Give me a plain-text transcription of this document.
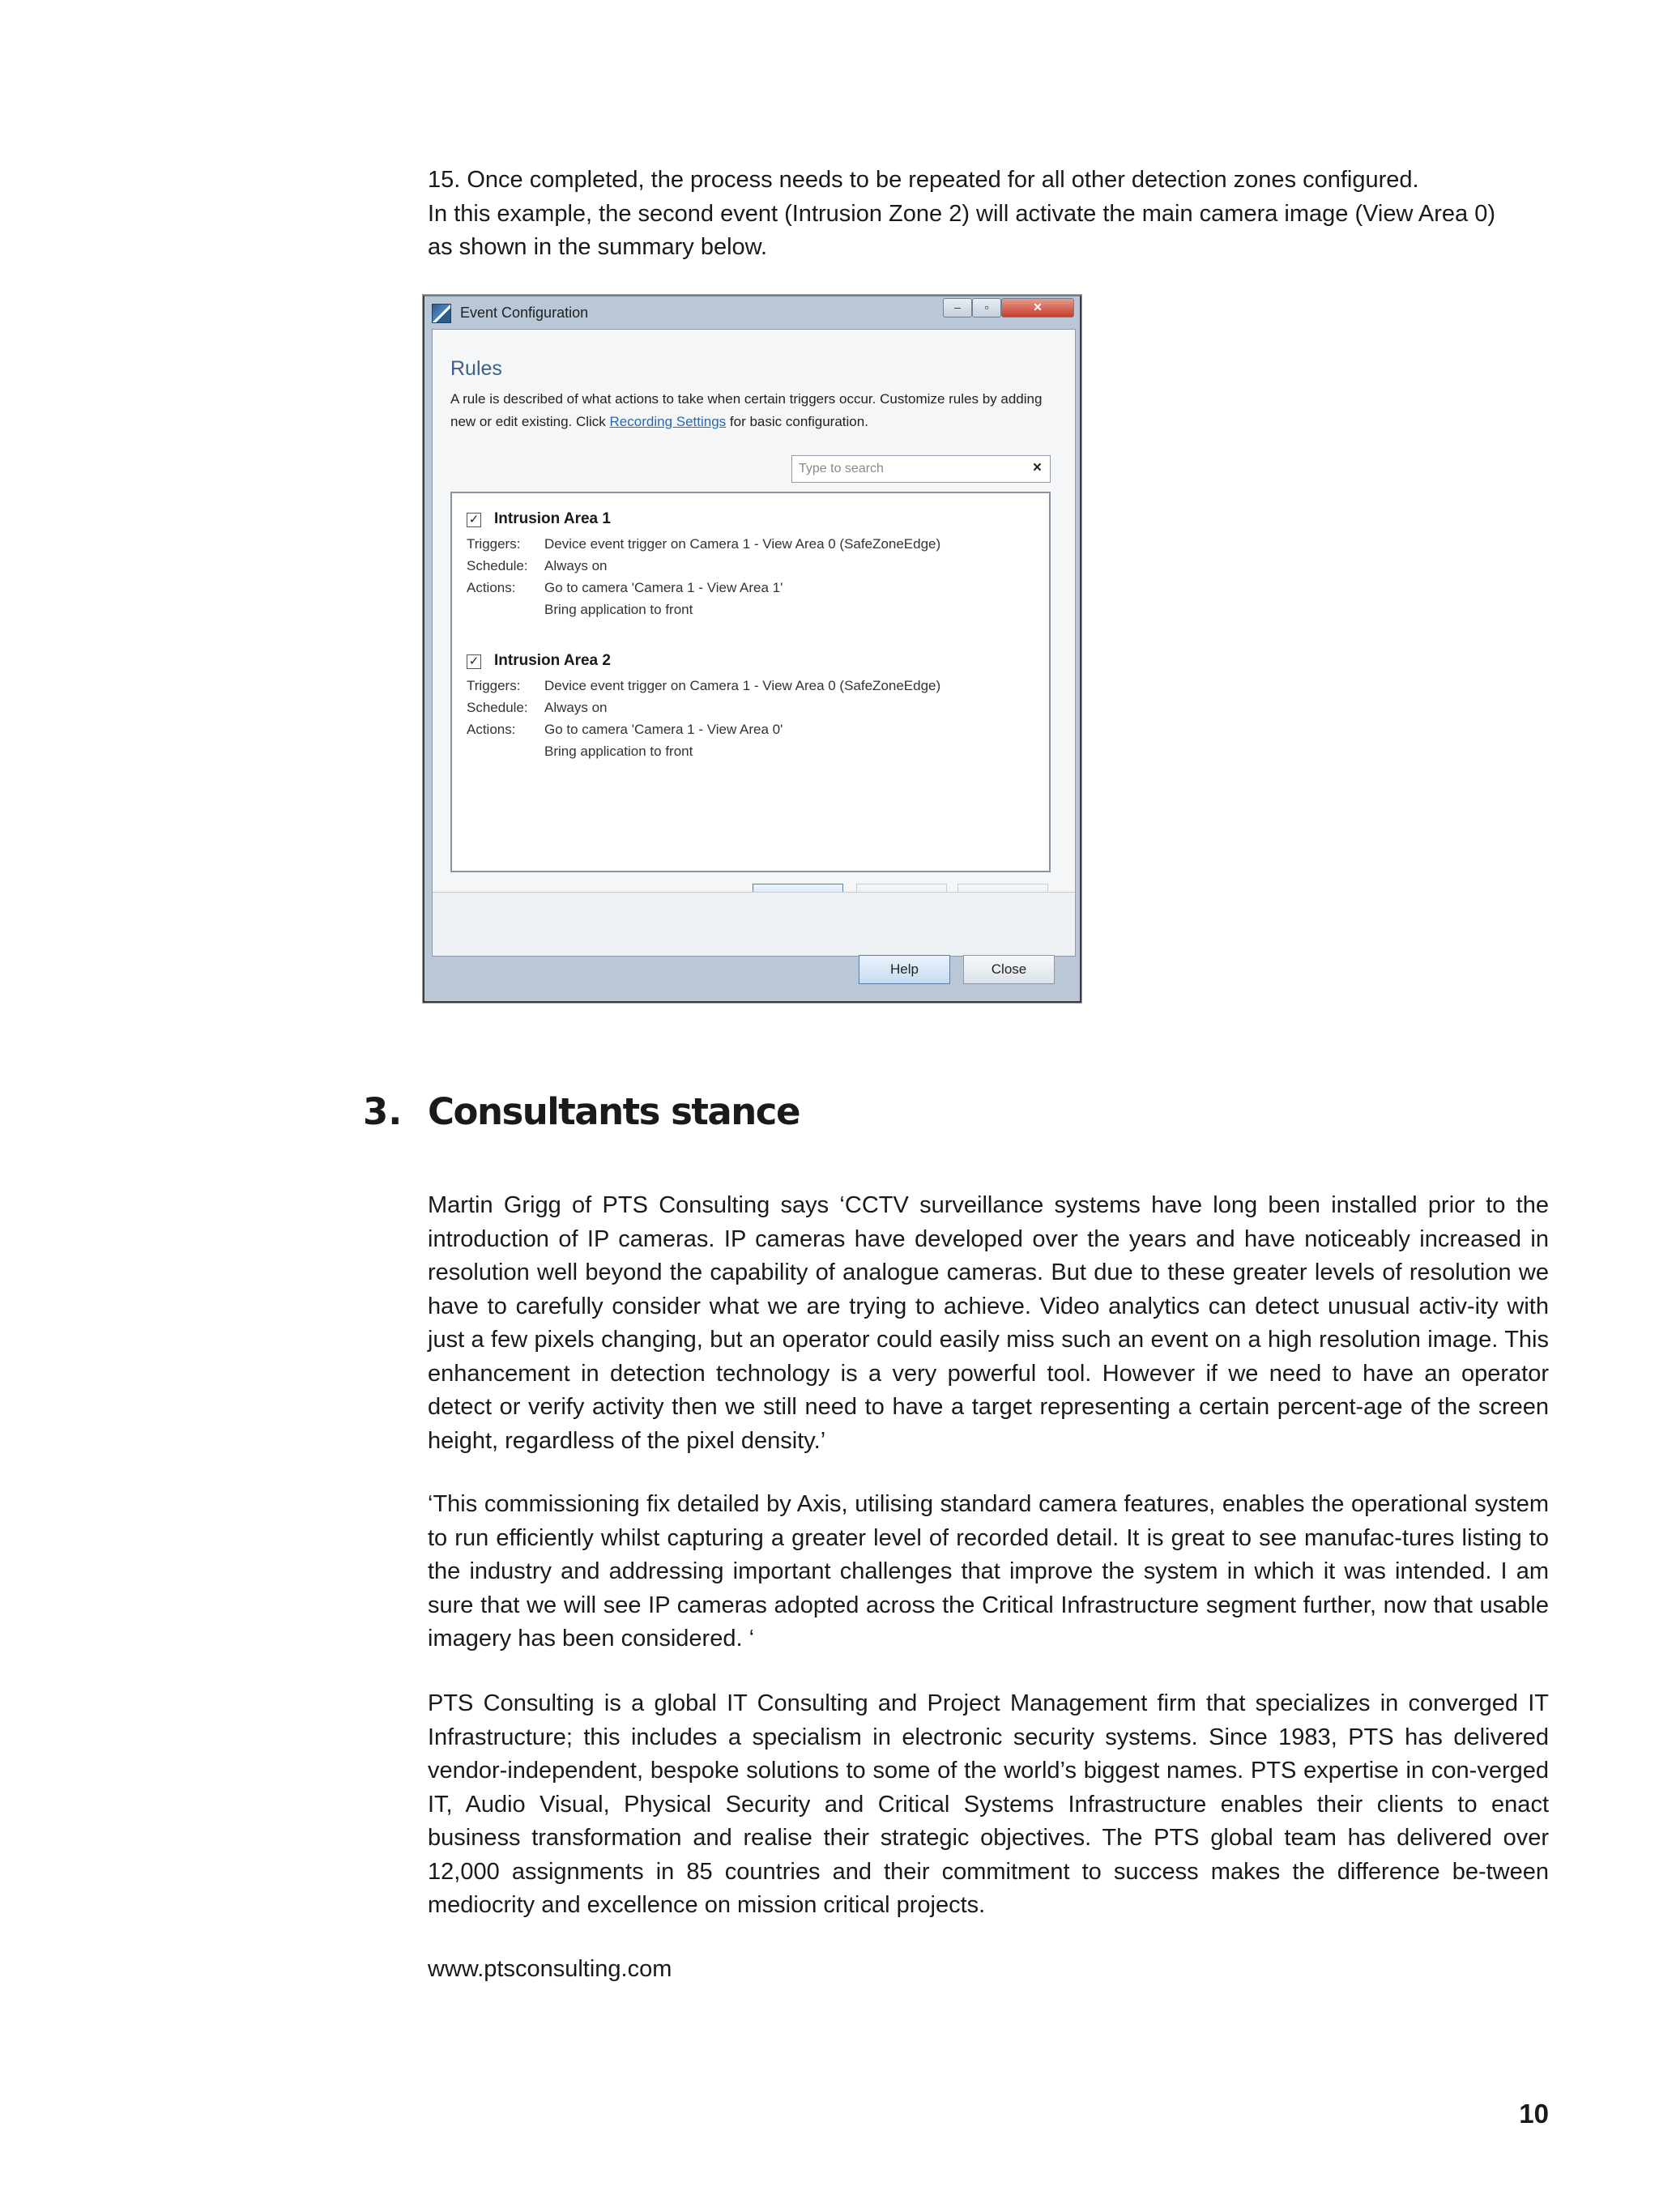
15. Once completed, the process needs to be repeated for all other detection zones configured.
In this example, the second event (Intrusion Zone 2) will activate the main camera image (View Area 0)
as shown in the summary below.

Event Configuration	–	▫	✕
Rules
A rule is described of what actions to take when certain triggers occur. Customize rules by adding new or edit existing. Click Recording Settings for basic configuration.
Type to search	×
✓ Intrusion Area 1
Triggers: Device event trigger on Camera 1 - View Area 0 (SafeZoneEdge)
Schedule: Always on
Actions: Go to camera 'Camera 1 - View Area 1'
Bring application to front
✓ Intrusion Area 2
Triggers: Device event trigger on Camera 1 - View Area 0 (SafeZoneEdge)
Schedule: Always on
Actions: Go to camera 'Camera 1 - View Area 0'
Bring application to front
Help	Close
3. Consultants stance

Martin Grigg of PTS Consulting says ‘CCTV surveillance systems have long been installed prior to the introduction of IP cameras. IP cameras have developed over the years and have noticeably increased in resolution well beyond the capability of analogue cameras. But due to these greater levels of resolution we have to carefully consider what we are trying to achieve. Video analytics can detect unusual activ-ity with just a few pixels changing, but an operator could easily miss such an event on a high resolution image. This enhancement in detection technology is a very powerful tool. However if we need to have an operator detect or verify activity then we still need to have a target representing a certain percent-age of the screen height, regardless of the pixel density.’

‘This commissioning fix detailed by Axis, utilising standard camera features, enables the operational system to run efficiently whilst capturing a greater level of recorded detail. It is great to see manufac-tures listing to the industry and addressing important challenges that improve the system in which it was intended. I am sure that we will see IP cameras adopted across the Critical Infrastructure segment further, now that usable imagery has been considered. ‘

PTS Consulting is a global IT Consulting and Project Management firm that specializes in converged IT Infrastructure; this includes a specialism in electronic security systems. Since 1983, PTS has delivered vendor-independent, bespoke solutions to some of the world’s biggest names. PTS expertise in con-verged IT, Audio Visual, Physical Security and Critical Systems Infrastructure enables their clients to enact business transformation and realise their strategic objectives. The PTS global team has delivered over 12,000 assignments in 85 countries and their commitment to success makes the difference be-tween mediocrity and excellence on mission critical projects.

www.ptsconsulting.com
10
